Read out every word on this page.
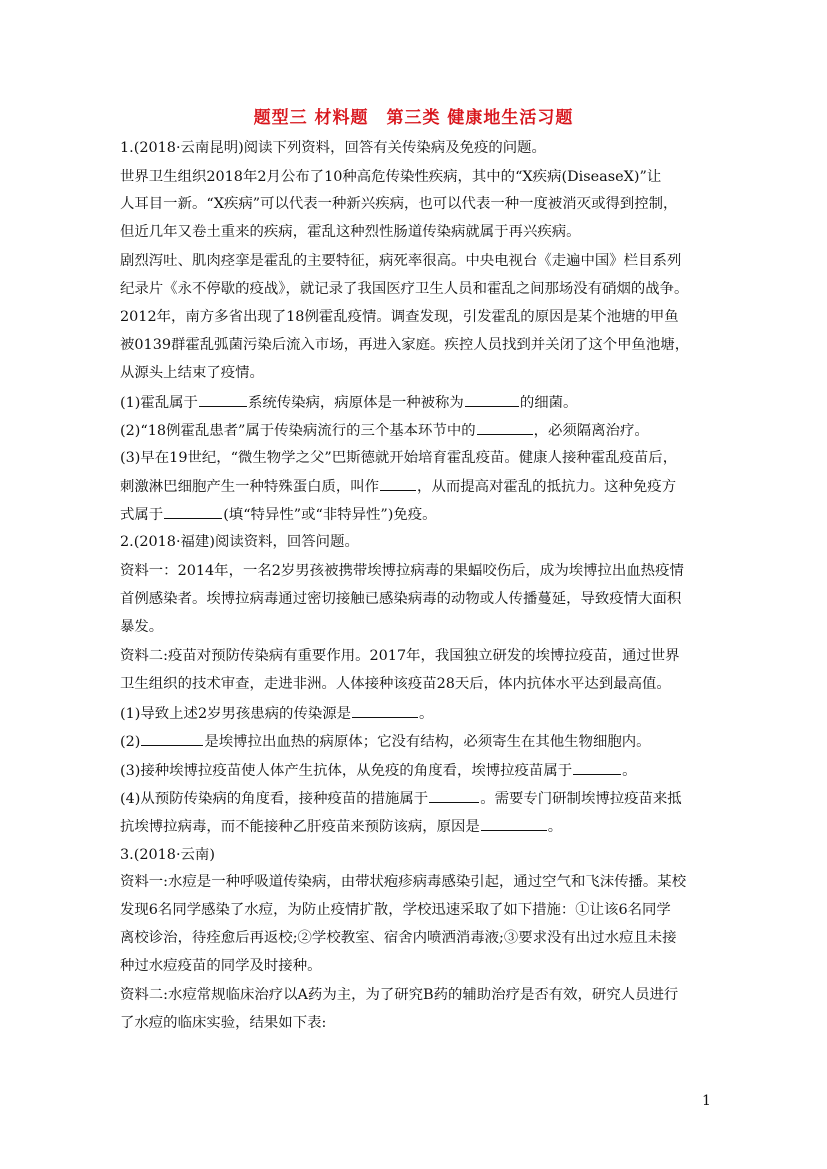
题型三 材料题　第三类 健康地生活习题
1.(2018·云南昆明)阅读下列资料，回答有关传染病及免疫的问题。
世界卫生组织2018年2月公布了10种高危传染性疾病，其中的“X疾病(DiseaseX)”让
人耳目一新。“X疾病”可以代表一种新兴疾病，也可以代表一种一度被消灭或得到控制，
但近几年又卷土重来的疾病，霍乱这种烈性肠道传染病就属于再兴疾病。
剧烈泻吐、肌肉痉挛是霍乱的主要特征，病死率很高。中央电视台《走遍中国》栏目系列
纪录片《永不停歇的疫战》，就记录了我国医疗卫生人员和霍乱之间那场没有硝烟的战争。
2012年，南方多省出现了18例霍乱疫情。调查发现，引发霍乱的原因是某个池塘的甲鱼
被0139群霍乱弧菌污染后流入市场，再进入家庭。疾控人员找到并关闭了这个甲鱼池塘，
从源头上结束了疫情。
(1)霍乱属于	系统传染病，病原体是一种被称为	的细菌。
(2)“18例霍乱患者”属于传染病流行的三个基本环节中的	，必须隔离治疗。
(3)早在19世纪，“微生物学之父”巴斯德就开始培育霍乱疫苗。健康人接种霍乱疫苗后，
刺激淋巴细胞产生一种特殊蛋白质，叫作	，从而提高对霍乱的抵抗力。这种免疫方
式属于	(填“特异性”或“非特异性”)免疫。
2.(2018·福建)阅读资料，回答问题。
资料一：2014年，一名2岁男孩被携带埃博拉病毒的果蝠咬伤后，成为埃博拉出血热疫情
首例感染者。埃博拉病毒通过密切接触已感染病毒的动物或人传播蔓延，导致疫情大面积
暴发。
资料二:疫苗对预防传染病有重要作用。2017年，我国独立研发的埃博拉疫苗，通过世界
卫生组织的技术审查，走进非洲。人体接种该疫苗28天后，体内抗体水平达到最高值。
(1)导致上述2岁男孩患病的传染源是	。
(2)	是埃博拉出血热的病原体；它没有结构，必须寄生在其他生物细胞内。
(3)接种埃博拉疫苗使人体产生抗体，从免疫的角度看，埃博拉疫苗属于	。
(4)从预防传染病的角度看，接种疫苗的措施属于	。需要专门研制埃博拉疫苗来抵
抗埃博拉病毒，而不能接种乙肝疫苗来预防该病，原因是	。
3.(2018·云南)
资料一:水痘是一种呼吸道传染病，由带状疱疹病毒感染引起，通过空气和飞沫传播。某校
发现6名同学感染了水痘，为防止疫情扩散，学校迅速采取了如下措施：①让该6名同学
离校诊治，待痊愈后再返校;②学校教室、宿舍内喷洒消毒液;③要求没有出过水痘且未接
种过水痘疫苗的同学及时接种。
资料二:水痘常规临床治疗以A药为主，为了研究B药的辅助治疗是否有效，研究人员进行
了水痘的临床实验，结果如下表:
1
